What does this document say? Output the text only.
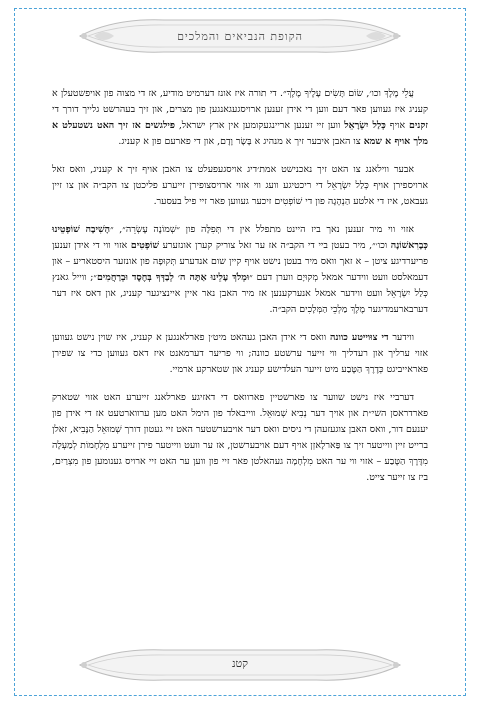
הקופת הנביאים והמלכים

עֲלֵי מֶלֶךְ וכו׳, שׂוֹם תָּשִׂים עָלֶיךָ מֶלֶךְ״. די תורה איז אונז דערמיט מודיע, אז די מצוה פון אויפשטעלן א קעניג איז געווען פאר דעם ווען די אידן זענען ארויסגעגאנגען פון מצרים, און זיך בעהרשט גלייך דורך די זקנים אויף כְּלַל יִשְׂרָאֵל ווען זיי זענען אריינגעקומען אין ארץ ישראל, פילגשים אז זיך האט נשטעלט א מלך אויף א שמא צו האבן איבער זיך א מנהיג א בָּשָׂר וָדָם, און די פארעם פון א קעניג.

אבער ווילאנג צו האט זיך נאכנישט אמת׳דיג אויסגעפעלט צו האבן אויף זיך א קעניג, וואס זאל ארויספירן אויף כְּלַל יִשְׂרָאֵל די ריכטיגע וועג ווי אזוי ארויסצופירן זייערע פליכטן צו הקב״ה און צו זיין געבאט, איז די אלטע הַנְהָגָה פון די שׁוֹפְטִים זיכער געווען פאר זיי פיל בעסער.

אזוי ווי מיר זענען נאך ביז היינט מתפלל אין די תְּפִלָּה פון ״שְׁמוֹנֶה עֶשְׂרֵה״, ״הָשִׁיבָה שׁוֹפְטֵינוּ כְּבָרִאשׁוֹנָה וכו׳״, מיר בעטן ביי די הקב״ה אז ער זאל צוריק קערן אונזערע שׁוֹפְטִים אזוי ווי די אידן זענען פריערדיגע ציטן – א זאך וואס מיר בעטן נישט אויף קיין שום אנדערע תְּקוּפָה פון אונזער היסטאריע – און דעמאלסט וועט ווידער אמאל מְקוּיָם ווערן דעם ״וּמְלֹךְ עָלֵינוּ אַתָּה ה׳ לְבַדְּךָ בְּחֶסֶד וּבְרַחֲמִים״; ווייל גאנץ כְּלַל יִשְׂרָאֵל וועט ווידער אמאל אנערקענען אז מיר האבן נאר איין איינציגער קעניג, און דאס איז דער דערבארעמדיגער מֶלֶךְ מַלְכֵי הַמְּלָכִים הקב״ה.

ווידער די צוּוייטע כוונה וואס די אידן האבן געהאט מיט׳ן פארלאנגען א קעניג, איז שוין נישט געווען אזוי ערליך און רעדליך ווי זייער ערשטע כוונה; ווי פריער דערמאנט איז דאס געווען כדי צו שפירן פאראייביגט כְּדֶרֶךְ הַטֶּבַע מיט זייער העלדישע קעניג און שטארקע ארמיי.

דערביי איז נישט שווער צו פארשטיין פארוואס די דאזיגע פארלאנג זייערע האט אזוי שטארק פארדראסן השי״ת און אויך דער נְבִיא שְׁמוּאֵל. ווייבאלד פון הימל האט מען ערווארטעט אז די אידן פון יענעם דור, וואס האבן צוגעזעהן די ניסים וואס דער אויבערשטער האט זיי געטון דורך שְׁמוּאֵל הַנָּבִיא, זאלן ברייט זיין ווייטער זיך צו פַּארלָאזְן אויף דעם אויבערשטן, אז ער וועט ווייטער פירן זייערע מִלְחָמוֹת לְמַעְלָה מִדֶּרֶךְ הַטֶּבַע – אזוי ווי ער האט מִלְחָמָה געהאלטן פאר זיי פון ווען ער האט זיי ארויס גענומען פון מִצְרַיִם, ביז צו זייער צייט.

קטנ
